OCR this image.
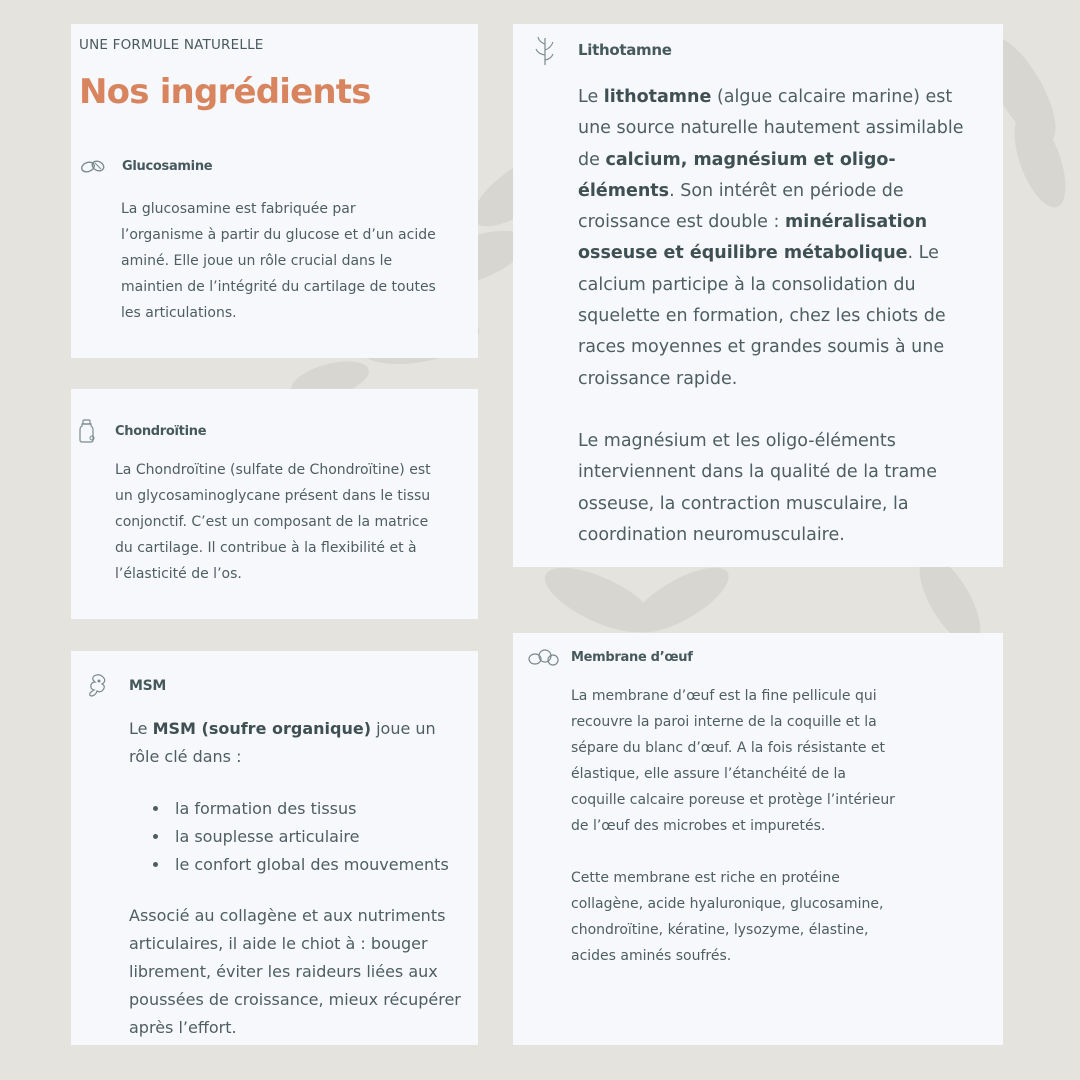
UNE FORMULE NATURELLE
Nos ingrédients
Glucosamine
La glucosamine est fabriquée par l’organisme à partir du glucose et d’un acide aminé. Elle joue un rôle crucial dans le maintien de l’intégrité du cartilage de toutes les articulations.
Chondroïtine
La Chondroïtine (sulfate de Chondroïtine) est un glycosaminoglycane présent dans le tissu conjonctif. C’est un composant de la matrice du cartilage. Il contribue à la flexibilité et à l’élasticité de l’os.
MSM

Le MSM (soufre organique) joue un rôle clé dans :

la formation des tissus
la souplesse articulaire
le confort global des mouvements

Associé au collagène et aux nutriments articulaires, il aide le chiot à : bouger librement, éviter les raideurs liées aux poussées de croissance, mieux récupérer après l’effort.

Lithotamne

Le lithotamne (algue calcaire marine) est une source naturelle hautement assimilable de calcium, magnésium et oligo-éléments. Son intérêt en période de croissance est double : minéralisation osseuse et équilibre métabolique. Le calcium participe à la consolidation du squelette en formation, chez les chiots de races moyennes et grandes soumis à une croissance rapide.

Le magnésium et les oligo-éléments interviennent dans la qualité de la trame osseuse, la contraction musculaire, la coordination neuromusculaire.

Membrane d’œuf

La membrane d’œuf est la fine pellicule qui recouvre la paroi interne de la coquille et la sépare du blanc d’œuf. A la fois résistante et élastique, elle assure l’étanchéité de la coquille calcaire poreuse et protège l’intérieur de l’œuf des microbes et impuretés.

Cette membrane est riche en protéine collagène, acide hyaluronique, glucosamine, chondroïtine, kératine, lysozyme, élastine, acides aminés soufrés.
